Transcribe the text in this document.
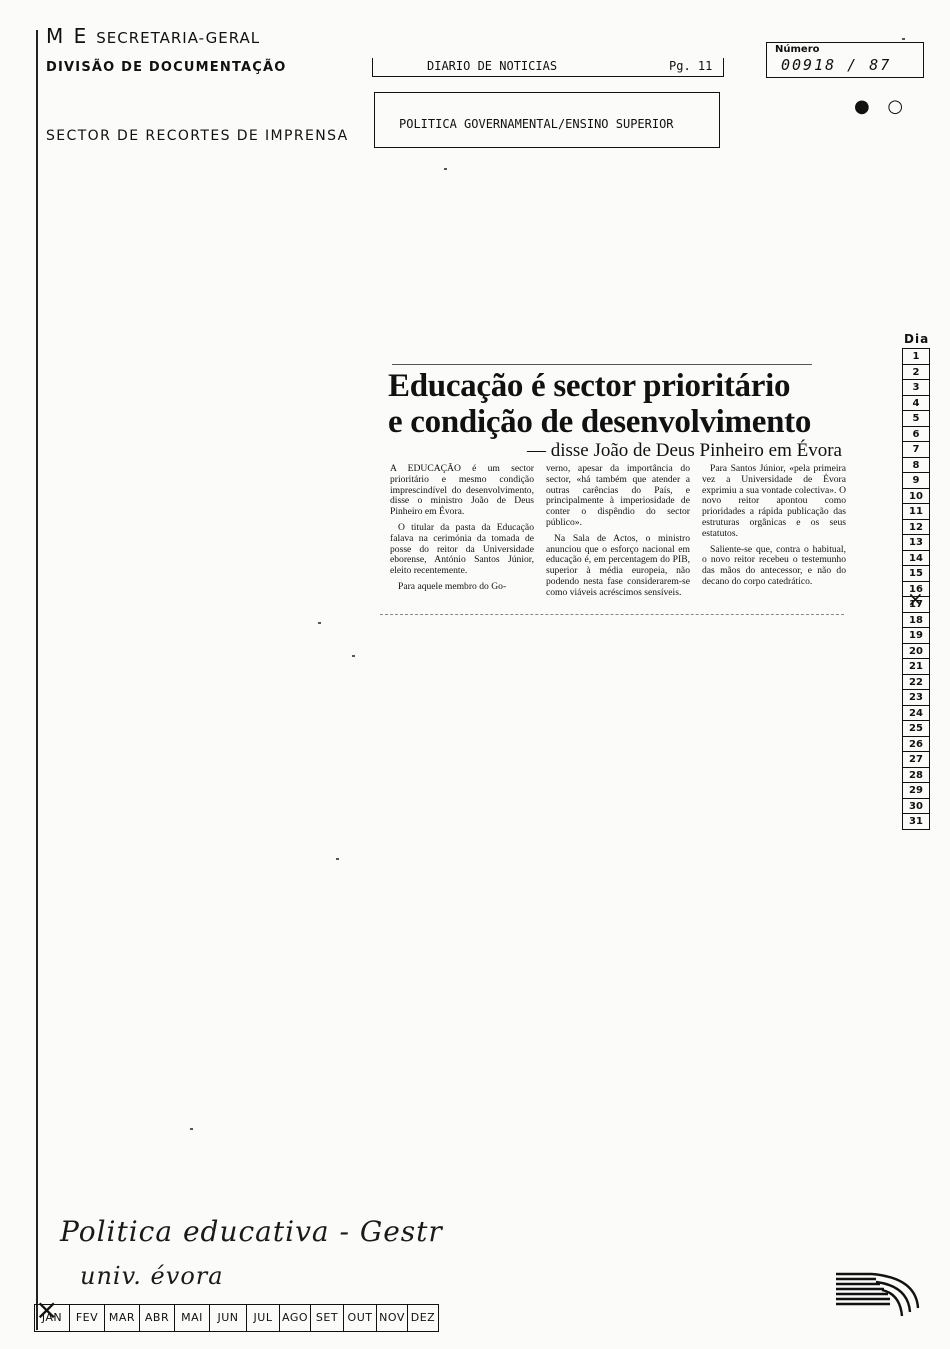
M E SECRETARIA-GERAL
DIVISÃO DE DOCUMENTAÇÃO
SECTOR DE RECORTES DE IMPRENSA
DIARIO DE NOTICIAS	Pg. 11
Número
00918 / 87
● ○
POLITICA GOVERNAMENTAL/ENSINO SUPERIOR
Educação é sector prioritário
e condição de desenvolvimento
— disse João de Deus Pinheiro em Évora

A EDUCAÇÃO é um sector prioritário e mesmo condição imprescindível do desenvolvimento, disse o ministro João de Deus Pinheiro em Évora.

O titular da pasta da Educação falava na cerimónia da tomada de posse do reitor da Universidade eborense, António Santos Júnior, eleito recentemente.

Para aquele membro do Go-

verno, apesar da importância do sector, «há também que atender a outras carências do País, e principalmente à imperiosidade de conter o dispêndio do sector público».

Na Sala de Actos, o ministro anunciou que o esforço nacional em educação é, em percentagem do PIB, superior à média europeia, não podendo nesta fase considerarem-se como viáveis acréscimos sensíveis.

Para Santos Júnior, «pela primeira vez a Universidade de Évora exprimiu a sua vontade colectiva». O novo reitor apontou como prioridades a rápida publicação das estruturas orgânicas e os seus estatutos.

Saliente-se que, contra o habitual, o novo reitor recebeu o testemunho das mãos do antecessor, e não do decano do corpo catedrático.

Dia
1
2
3
4
5
6
7
8
9
10
11
12
13
14
15
16
17 ×
18
19
20
21
22
23
24
25
26
27
28
29
30
31
Politica educativa - Gestr
univ. évora
JAN ×	FEV MAR ABR	MAI	JUN	JUL AGO SET OUT NOV DEZ
